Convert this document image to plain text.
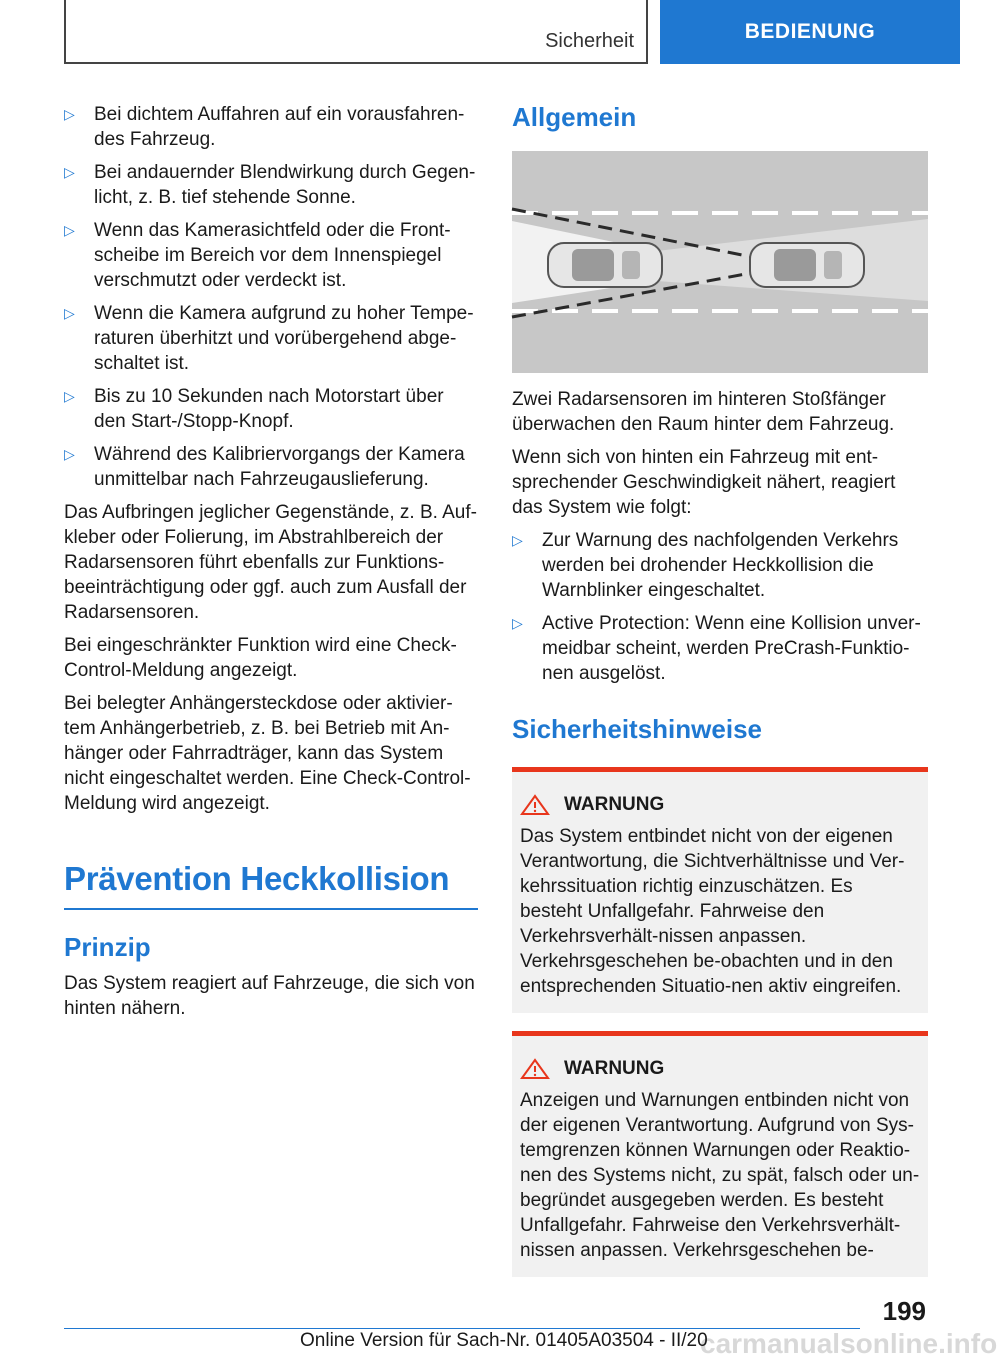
Sicherheit	BEDIENUNG
▷	Bei dichtem Auffahren auf ein vorausfahren-des Fahrzeug.
▷	Bei andauernder Blendwirkung durch Gegen-licht, z. B. tief stehende Sonne.
▷	Wenn das Kamerasichtfeld oder die Front-scheibe im Bereich vor dem Innenspiegel verschmutzt oder verdeckt ist.
▷	Wenn die Kamera aufgrund zu hoher Tempe-raturen überhitzt und vorübergehend abge-schaltet ist.
▷	Bis zu 10 Sekunden nach Motorstart über den Start-/Stopp-Knopf.
▷	Während des Kalibriervorgangs der Kamera unmittelbar nach Fahrzeugauslieferung.

Das Aufbringen jeglicher Gegenstände, z. B. Auf-kleber oder Folierung, im Abstrahlbereich der Radarsensoren führt ebenfalls zur Funktions-beeinträchtigung oder ggf. auch zum Ausfall der Radarsensoren.

Bei eingeschränkter Funktion wird eine Check-Control-Meldung angezeigt.

Bei belegter Anhängersteckdose oder aktivier-tem Anhängerbetrieb, z. B. bei Betrieb mit An-hänger oder Fahrradträger, kann das System nicht eingeschaltet werden. Eine Check-Control-Meldung wird angezeigt.

Prävention Heckkollision
Prinzip

Das System reagiert auf Fahrzeuge, die sich von hinten nähern.

Allgemein

Zwei Radarsensoren im hinteren Stoßfänger überwachen den Raum hinter dem Fahrzeug.

Wenn sich von hinten ein Fahrzeug mit ent-sprechender Geschwindigkeit nähert, reagiert das System wie folgt:

▷	Zur Warnung des nachfolgenden Verkehrs werden bei drohender Heckkollision die Warnblinker eingeschaltet.
▷	Active Protection: Wenn eine Kollision unver-meidbar scheint, werden PreCrash-Funktio-nen ausgelöst.
Sicherheitshinweise
WARNUNG

Das System entbindet nicht von der eigenen Verantwortung, die Sichtverhältnisse und Ver-kehrssituation richtig einzuschätzen. Es besteht Unfallgefahr. Fahrweise den Verkehrsverhält-nissen anpassen. Verkehrsgeschehen be-obachten und in den entsprechenden Situatio-nen aktiv eingreifen.

WARNUNG

Anzeigen und Warnungen entbinden nicht von der eigenen Verantwortung. Aufgrund von Sys-temgrenzen können Warnungen oder Reaktio-nen des Systems nicht, zu spät, falsch oder un-begründet ausgegeben werden. Es besteht Unfallgefahr. Fahrweise den Verkehrsverhält-nissen anpassen. Verkehrsgeschehen be-

199
carmanualsonline.info
Online Version für Sach-Nr. 01405A03504 - II/20
